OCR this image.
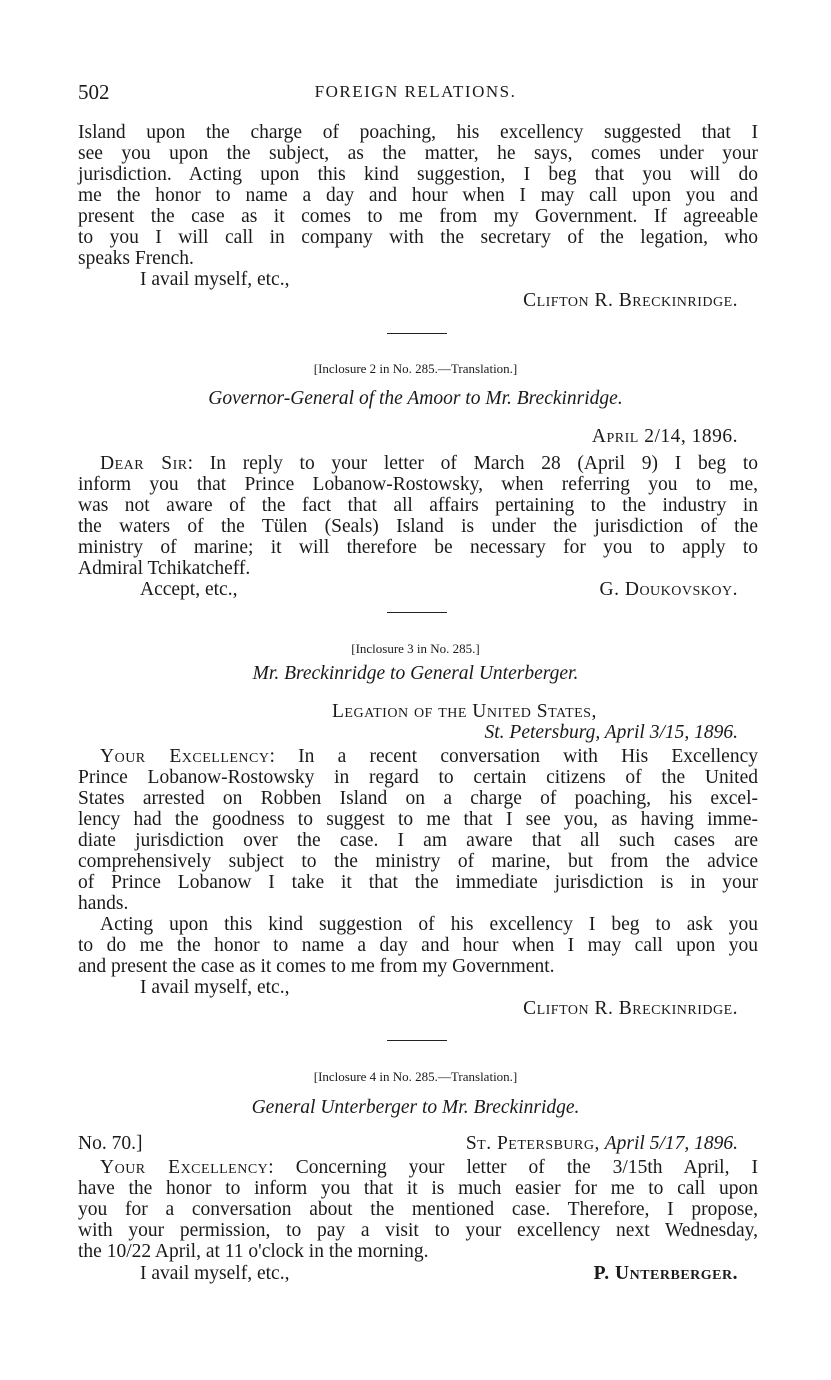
502	FOREIGN RELATIONS.
Island upon the charge of poaching, his excellency suggested that I
see you upon the subject, as the matter, he says, comes under your
jurisdiction. Acting upon this kind suggestion, I beg that you will do
me the honor to name a day and hour when I may call upon you and
present the case as it comes to me from my Government. If agreeable
to you I will call in company with the secretary of the legation, who
speaks French.
I avail myself, etc.,
Clifton R. Breckinridge.
[Inclosure 2 in No. 285.—Translation.]
Governor-General of the Amoor to Mr. Breckinridge.
April 2/14, 1896.
Dear Sir: In reply to your letter of March 28 (April 9) I beg to
inform you that Prince Lobanow-Rostowsky, when referring you to me,
was not aware of the fact that all affairs pertaining to the industry in
the waters of the Tülen (Seals) Island is under the jurisdiction of the
ministry of marine; it will therefore be necessary for you to apply to
Admiral Tchikatcheff.
Accept, etc.,	G. Doukovskoy.
[Inclosure 3 in No. 285.]
Mr. Breckinridge to General Unterberger.
Legation of the United States,
St. Petersburg, April 3/15, 1896.
Your Excellency: In a recent conversation with His Excellency
Prince Lobanow-Rostowsky in regard to certain citizens of the United
States arrested on Robben Island on a charge of poaching, his excel-
lency had the goodness to suggest to me that I see you, as having imme-
diate jurisdiction over the case. I am aware that all such cases are
comprehensively subject to the ministry of marine, but from the advice
of Prince Lobanow I take it that the immediate jurisdiction is in your
hands.
Acting upon this kind suggestion of his excellency I beg to ask you
to do me the honor to name a day and hour when I may call upon you
and present the case as it comes to me from my Government.
I avail myself, etc.,
Clifton R. Breckinridge.
[Inclosure 4 in No. 285.—Translation.]
General Unterberger to Mr. Breckinridge.
No. 70.]	St. Petersburg, April 5/17, 1896.
Your Excellency: Concerning your letter of the 3/15th April, I
have the honor to inform you that it is much easier for me to call upon
you for a conversation about the mentioned case. Therefore, I propose,
with your permission, to pay a visit to your excellency next Wednesday,
the 10/22 April, at 11 o'clock in the morning.
I avail myself, etc.,	P. Unterberger.
